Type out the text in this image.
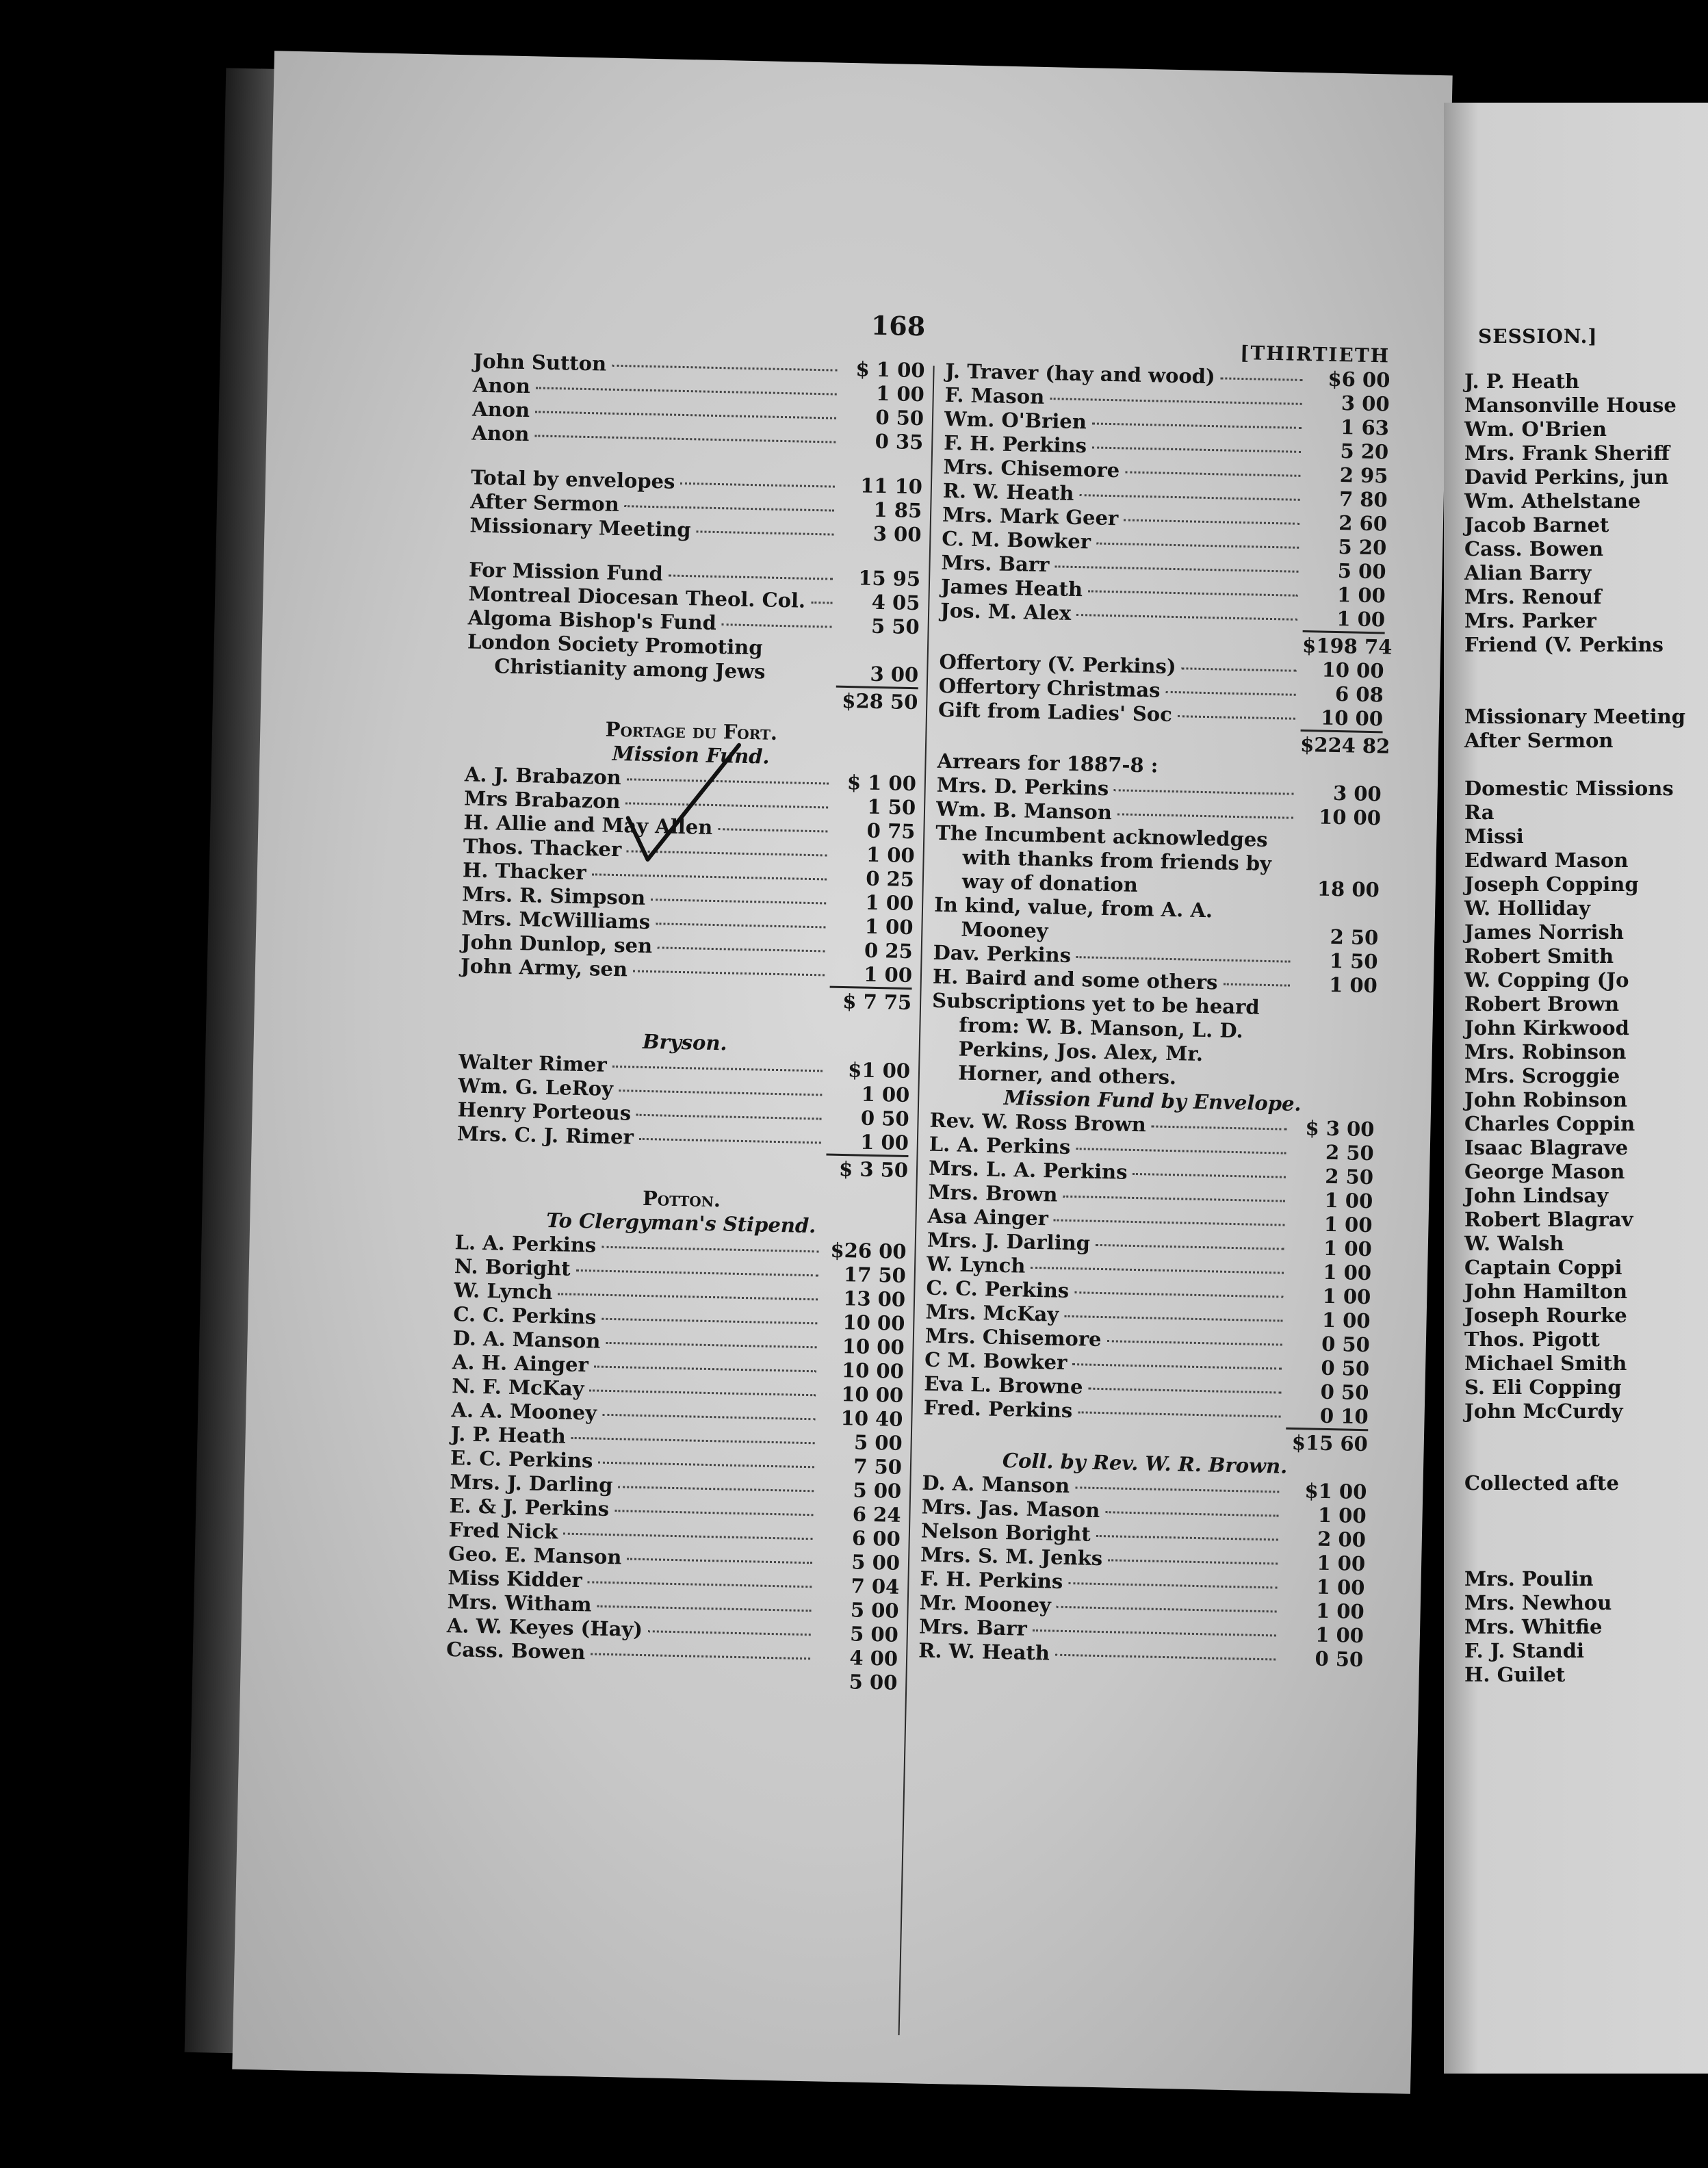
168
[THIRTIETH
John Sutton	$ 1 00
Anon	1 00
Anon	0 50
Anon	0 35
Total by envelopes	11 10
After Sermon	1 85
Missionary Meeting	3 00
For Mission Fund	15 95
Montreal Diocesan Theol. Col.	4 05
Algoma Bishop's Fund	5 50
London Society Promoting
Christianity among Jews	3 00
$28 50
Portage du Fort.
Mission Fund.
A. J. Brabazon	$ 1 00
Mrs Brabazon	1 50
H. Allie and May Allen	0 75
Thos. Thacker	1 00
H. Thacker	0 25
Mrs. R. Simpson	1 00
Mrs. McWilliams	1 00
John Dunlop, sen	0 25
John Army, sen	1 00
$ 7 75
Bryson.
Walter Rimer	$1 00
Wm. G. LeRoy	1 00
Henry Porteous	0 50
Mrs. C. J. Rimer	1 00
$ 3 50
Potton.
To Clergyman's Stipend.
L. A. Perkins	$26 00
N. Boright	17 50
W. Lynch	13 00
C. C. Perkins	10 00
D. A. Manson	10 00
A. H. Ainger	10 00
N. F. McKay	10 00
A. A. Mooney	10 40
J. P. Heath	5 00
E. C. Perkins	7 50
Mrs. J. Darling	5 00
E. & J. Perkins	6 24
Fred Nick	6 00
Geo. E. Manson	5 00
Miss Kidder	7 04
Mrs. Witham	5 00
A. W. Keyes (Hay)	5 00
Cass. Bowen	4 00
5 00
J. Traver (hay and wood)	$6 00
F. Mason	3 00
Wm. O'Brien	1 63
F. H. Perkins	5 20
Mrs. Chisemore	2 95
R. W. Heath	7 80
Mrs. Mark Geer	2 60
C. M. Bowker	5 20
Mrs. Barr	5 00
James Heath	1 00
Jos. M. Alex	1 00
$198 74
Offertory (V. Perkins)	10 00
Offertory Christmas	6 08
Gift from Ladies' Soc	10 00
$224 82
Arrears for 1887-8 :
Mrs. D. Perkins	3 00
Wm. B. Manson	10 00
The Incumbent acknowledges
with thanks from friends by
way of donation	18 00
In kind, value, from A. A.
Mooney	2 50
Dav. Perkins	1 50
H. Baird and some others	1 00
Subscriptions yet to be heard
from: W. B. Manson, L. D.
Perkins, Jos. Alex, Mr.
Horner, and others.
Mission Fund by Envelope.
Rev. W. Ross Brown	$ 3 00
L. A. Perkins	2 50
Mrs. L. A. Perkins	2 50
Mrs. Brown	1 00
Asa Ainger	1 00
Mrs. J. Darling	1 00
W. Lynch	1 00
C. C. Perkins	1 00
Mrs. McKay	1 00
Mrs. Chisemore	0 50
C M. Bowker	0 50
Eva L. Browne	0 50
Fred. Perkins	0 10
$15 60
Coll. by Rev. W. R. Brown.
D. A. Manson	$1 00
Mrs. Jas. Mason	1 00
Nelson Boright	2 00
Mrs. S. M. Jenks	1 00
F. H. Perkins	1 00
Mr. Mooney	1 00
Mrs. Barr	1 00
R. W. Heath	0 50
SESSION.]
J. P. Heath
Mansonville House
Wm. O'Brien
Mrs. Frank Sheriff
David Perkins, jun
Wm. Athelstane
Jacob Barnet
Cass. Bowen
Alian Barry
Mrs. Renouf
Mrs. Parker
Friend (V. Perkins

Missionary Meeting
After Sermon

Domestic Missions
Ra
Missi
Edward Mason
Joseph Copping
W. Holliday
James Norrish
Robert Smith
W. Copping (Jo
Robert Brown
John Kirkwood
Mrs. Robinson
Mrs. Scroggie
John Robinson
Charles Coppin
Isaac Blagrave
George Mason
John Lindsay
Robert Blagrav
W. Walsh
Captain Coppi
John Hamilton
Joseph Rourke
Thos. Pigott
Michael Smith
S. Eli Copping
John McCurdy

Collected afte

Mrs. Poulin
Mrs. Newhou
Mrs. Whitfie
F. J. Standi
H. Guilet
